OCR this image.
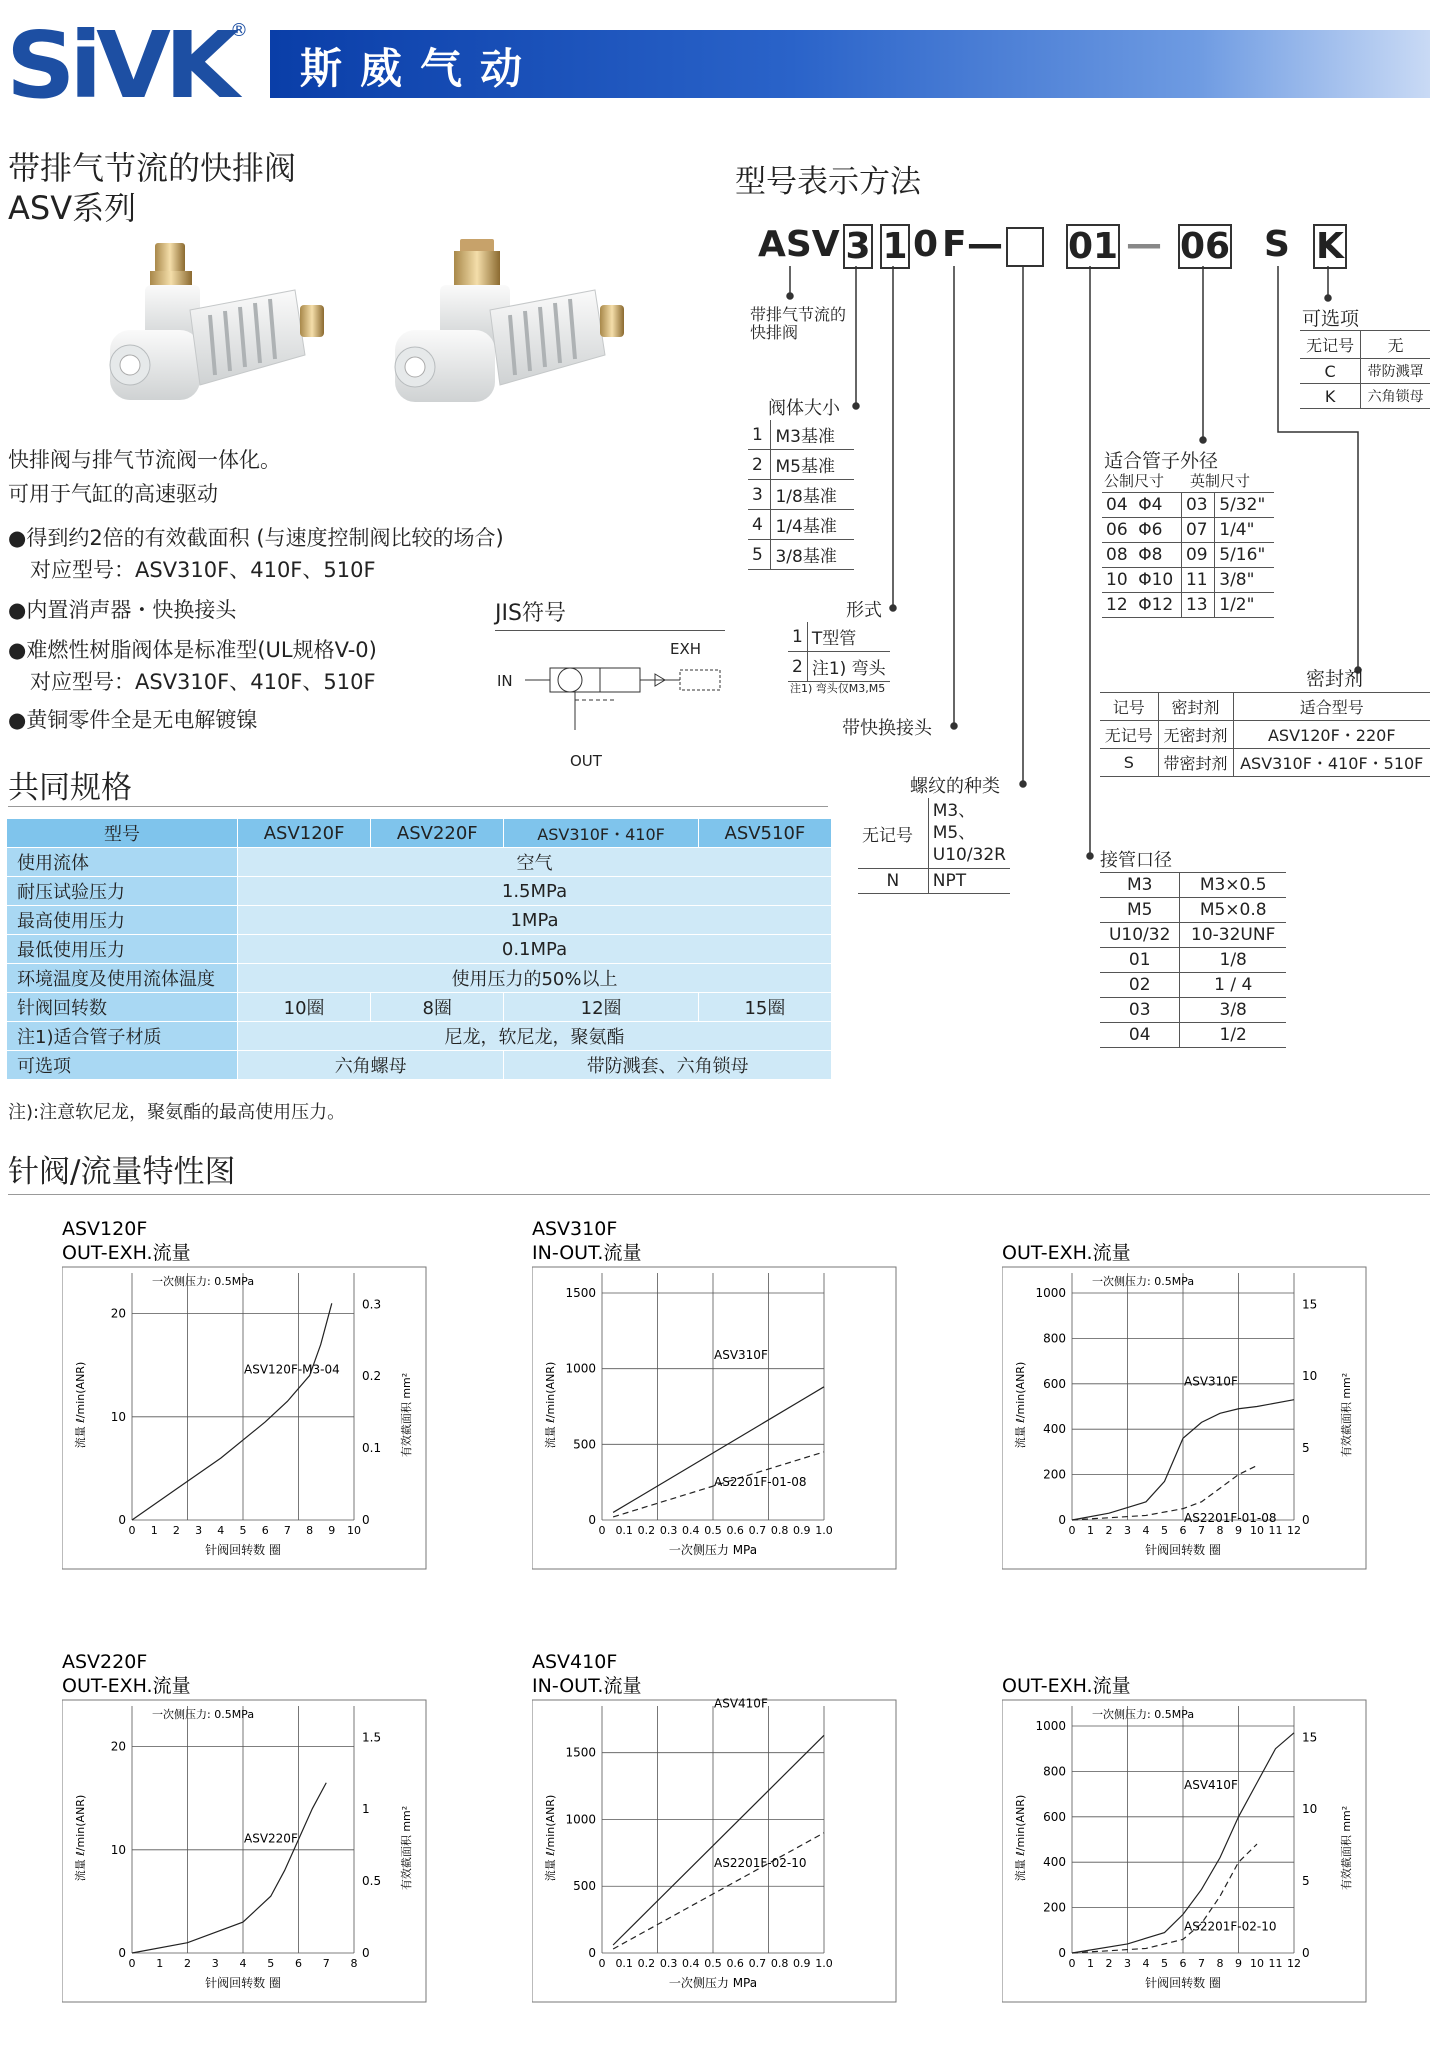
SiVK
®
斯威气动
带排气节流的快排阀
ASV系列
快排阀与排气节流阀一体化。
可用于气缸的高速驱动
●得到约2倍的有效截面积 (与速度控制阀比较的场合)
对应型号：ASV310F、410F、510F
●内置消声器・快换接头
●难燃性树脂阀体是标准型(UL规格V-0)
对应型号：ASV310F、410F、510F
●黄铜零件全是无电解镀镍
JIS符号
IN
EXH
OUT
型号表示方法
ASV 3 1 0 F — 01 — 06 S K
带排气节流的快排阀
阀体大小
1	M3基准
2	M5基准
3	1/8基准
4	1/4基准
5	3/8基准
形式
1	T型管
2	注1) 弯头
注1) 弯头仅M3,M5
带快换接头
螺纹的种类
无记号	M3、M5、U10/32R
N	NPT
接管口径
M3	M3×0.5
M5	M5×0.8
U10/32	10-32UNF
01	1/8
02	1 / 4
03	3/8
04	1/2
适合管子外径
公制尺寸 英制尺寸
04	Φ4	03	5/32"
06	Φ6	07	1/4"
08	Φ8	09	5/16"
10	Φ10	11	3/8"
12	Φ12	13	1/2"
可选项
无记号	无
C	带防溅罩
K	六角锁母
密封剂
记号	密封剂	适合型号
无记号	无密封剂	ASV120F・220F
S	带密封剂	ASV310F・410F・510F
共同规格
型号	ASV120F	ASV220F	ASV310F・410F	ASV510F
使用流体	空气			
耐压试验压力	1.5MPa			
最高使用压力	1MPa			
最低使用压力	0.1MPa			
环境温度及使用流体温度	使用压力的50%以上			
针阀回转数	10圈	8圈	12圈	15圈
注1)适合管子材质	尼龙，软尼龙，聚氨酯			
可选项	六角螺母		带防溅套、六角锁母	
注):注意软尼龙，聚氨酯的最高使用压力。
针阀/流量特性图
ASV120F
OUT-EXH.流量
0
10
20
0 1 2 3 4 5 6 7 8 9 10
0
0.1
0.2
0.3
有效截面积 mm²
针阀回转数 圈
流量 ℓ/min(ANR)
一次侧压力: 0.5MPa
ASV120F-M3-04
ASV310F
IN-OUT.流量
0
500
1000
1500
0 0.1 0.2 0.3 0.4 0.5 0.6 0.7 0.8 0.9 1.0
一次侧压力 MPa
流量 ℓ/min(ANR)
ASV310F
AS2201F-01-08
OUT-EXH.流量
0
200
400
600
800
1000
0 1 2 3 4 5 6 7 8 9 10 11 12
0
5
10
15
有效截面积 mm²
针阀回转数 圈
流量 ℓ/min(ANR)
一次侧压力: 0.5MPa
ASV310F
AS2201F-01-08
ASV220F
OUT-EXH.流量
0
10
20
0 1 2 3 4 5 6 7 8
0
0.5
1
1.5
有效截面积 mm²
针阀回转数 圈
流量 ℓ/min(ANR)
一次侧压力: 0.5MPa
ASV220F
ASV410F
IN-OUT.流量
0
500
1000
1500
0 0.1 0.2 0.3 0.4 0.5 0.6 0.7 0.8 0.9 1.0
一次侧压力 MPa
流量 ℓ/min(ANR)
ASV410F
AS2201F-02-10
OUT-EXH.流量
0
200
400
600
800
1000
0 1 2 3 4 5 6 7 8 9 10 11 12
0
5
10
15
有效截面积 mm²
针阀回转数 圈
流量 ℓ/min(ANR)
一次侧压力: 0.5MPa
ASV410F
AS2201F-02-10
